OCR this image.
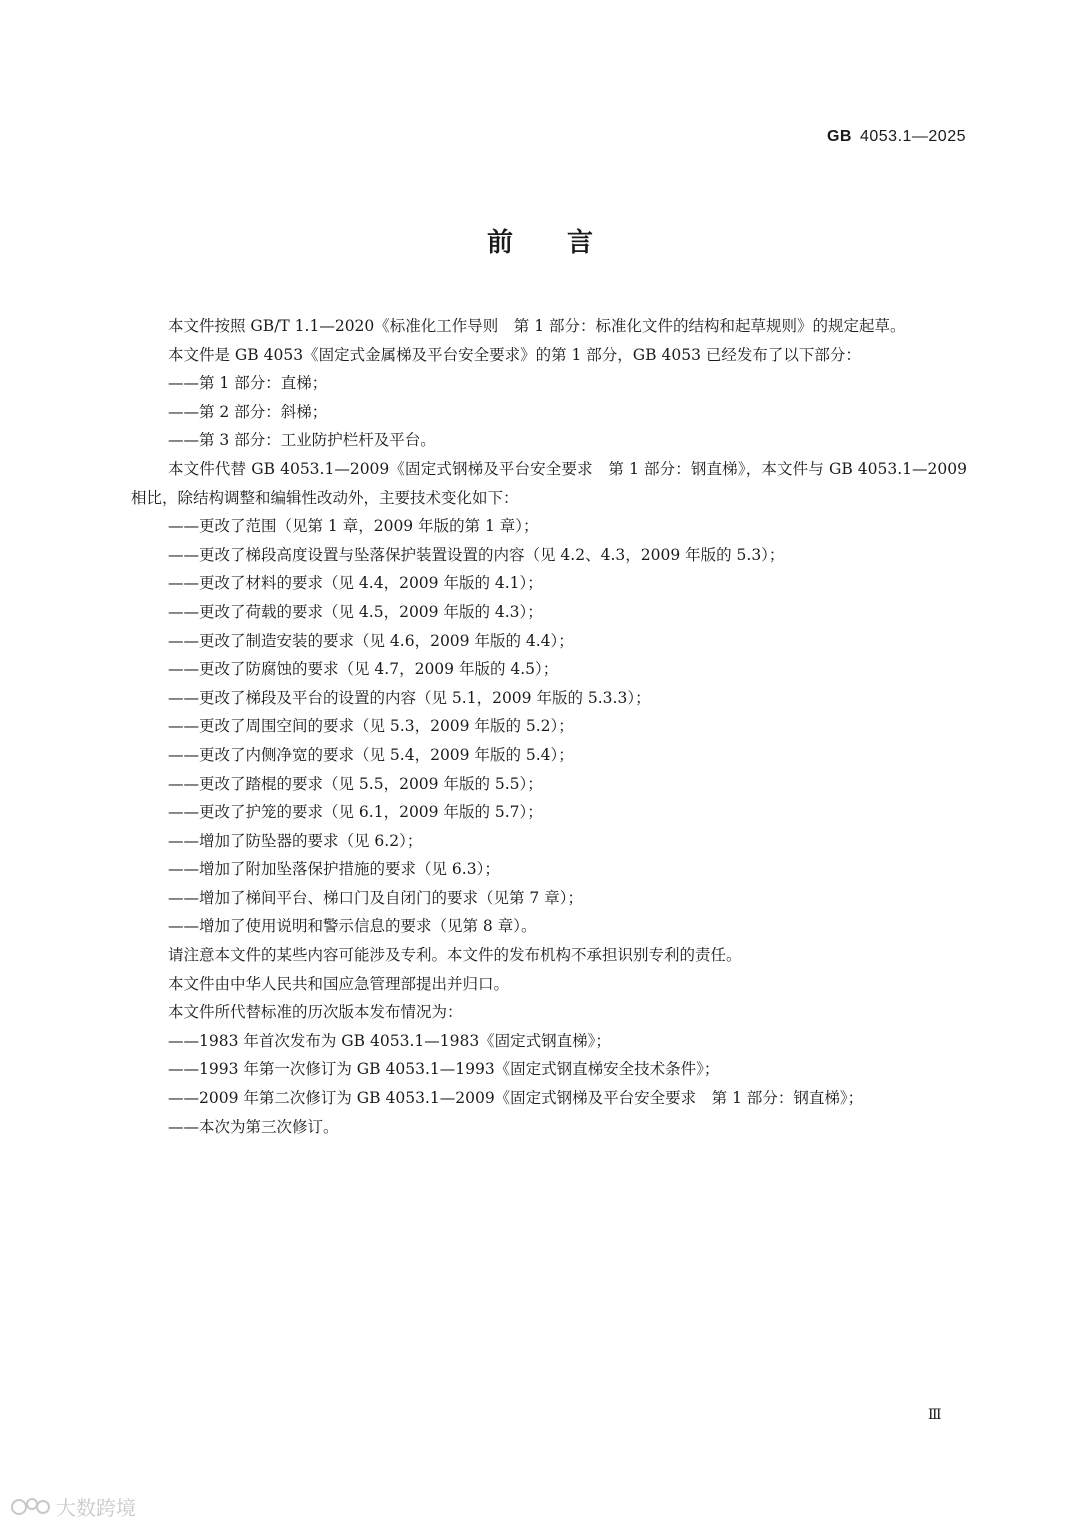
GB 4053.1—2025
前言

本文件按照 GB/T 1.1—2020《标准化工作导则　第 1 部分：标准化文件的结构和起草规则》的规定起草。

本文件是 GB 4053《固定式金属梯及平台安全要求》的第 1 部分，GB 4053 已经发布了以下部分：

——第 1 部分：直梯；

——第 2 部分：斜梯；

——第 3 部分：工业防护栏杆及平台。

本文件代替 GB 4053.1—2009《固定式钢梯及平台安全要求　第 1 部分：钢直梯》，本文件与 GB 4053.1—2009 相比，除结构调整和编辑性改动外，主要技术变化如下：

——更改了范围（见第 1 章，2009 年版的第 1 章）；

——更改了梯段高度设置与坠落保护装置设置的内容（见 4.2、4.3，2009 年版的 5.3）；

——更改了材料的要求（见 4.4，2009 年版的 4.1）；

——更改了荷载的要求（见 4.5，2009 年版的 4.3）；

——更改了制造安装的要求（见 4.6，2009 年版的 4.4）；

——更改了防腐蚀的要求（见 4.7，2009 年版的 4.5）；

——更改了梯段及平台的设置的内容（见 5.1，2009 年版的 5.3.3）；

——更改了周围空间的要求（见 5.3，2009 年版的 5.2）；

——更改了内侧净宽的要求（见 5.4，2009 年版的 5.4）；

——更改了踏棍的要求（见 5.5，2009 年版的 5.5）；

——更改了护笼的要求（见 6.1，2009 年版的 5.7）；

——增加了防坠器的要求（见 6.2）；

——增加了附加坠落保护措施的要求（见 6.3）；

——增加了梯间平台、梯口门及自闭门的要求（见第 7 章）；

——增加了使用说明和警示信息的要求（见第 8 章）。

请注意本文件的某些内容可能涉及专利。本文件的发布机构不承担识别专利的责任。

本文件由中华人民共和国应急管理部提出并归口。

本文件所代替标准的历次版本发布情况为：

——1983 年首次发布为 GB 4053.1—1983《固定式钢直梯》；

——1993 年第一次修订为 GB 4053.1—1993《固定式钢直梯安全技术条件》；

——2009 年第二次修订为 GB 4053.1—2009《固定式钢梯及平台安全要求　第 1 部分：钢直梯》；

——本次为第三次修订。

Ⅲ
大数跨境
